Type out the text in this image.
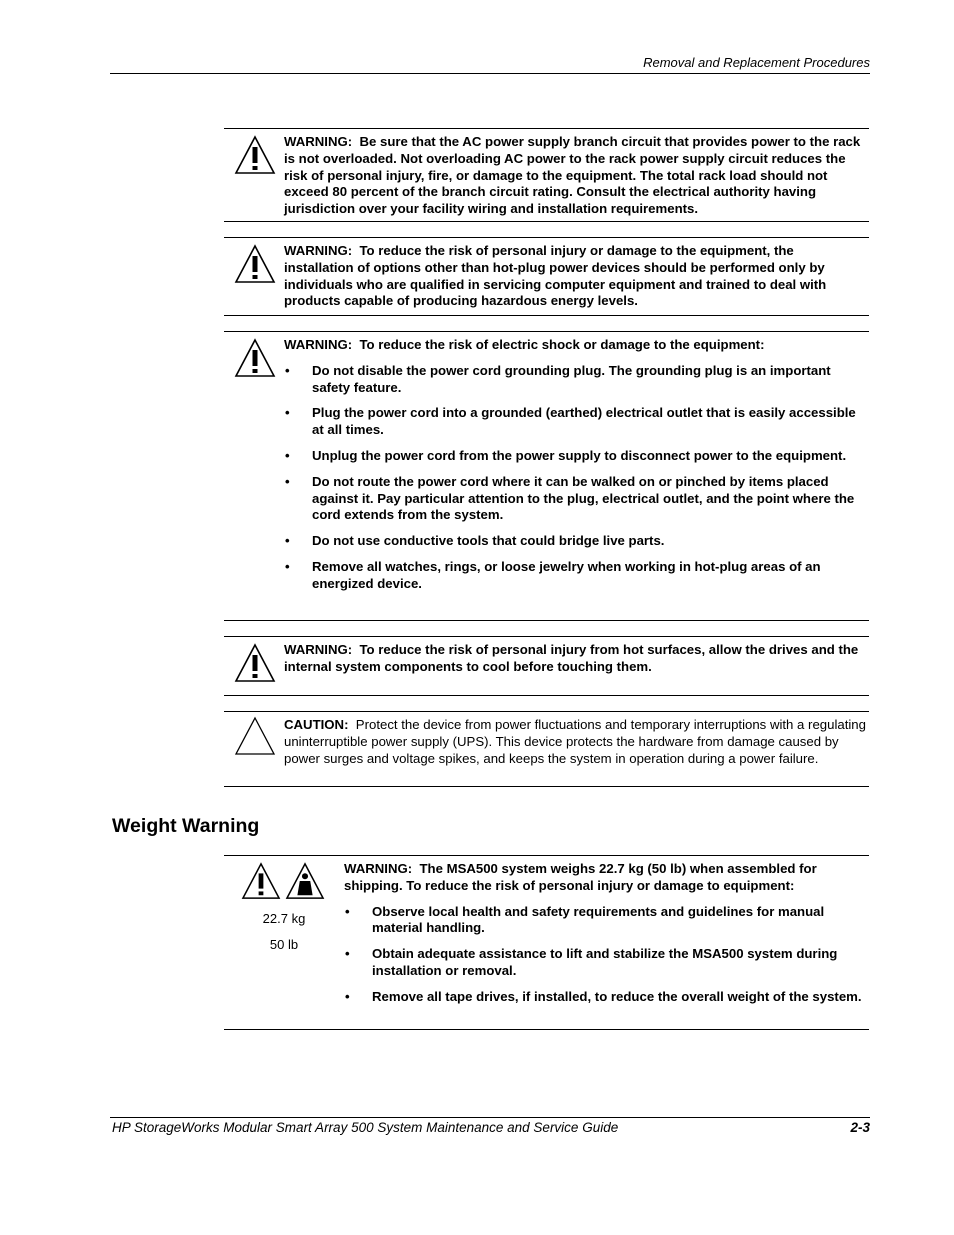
Removal and Replacement Procedures
WARNING: Be sure that the AC power supply branch circuit that provides power to the rack is not overloaded. Not overloading AC power to the rack power supply circuit reduces the risk of personal injury, fire, or damage to the equipment. The total rack load should not exceed 80 percent of the branch circuit rating. Consult the electrical authority having jurisdiction over your facility wiring and installation requirements.
WARNING: To reduce the risk of personal injury or damage to the equipment, the installation of options other than hot-plug power devices should be performed only by individuals who are qualified in servicing computer equipment and trained to deal with products capable of producing hazardous energy levels.
WARNING: To reduce the risk of electric shock or damage to the equipment:
• Do not disable the power cord grounding plug. The grounding plug is an important safety feature.
• Plug the power cord into a grounded (earthed) electrical outlet that is easily accessible at all times.
• Unplug the power cord from the power supply to disconnect power to the equipment.
• Do not route the power cord where it can be walked on or pinched by items placed against it. Pay particular attention to the plug, electrical outlet, and the point where the cord extends from the system.
• Do not use conductive tools that could bridge live parts.
• Remove all watches, rings, or loose jewelry when working in hot-plug areas of an energized device.
WARNING: To reduce the risk of personal injury from hot surfaces, allow the drives and the internal system components to cool before touching them.
CAUTION: Protect the device from power fluctuations and temporary interruptions with a regulating uninterruptible power supply (UPS). This device protects the hardware from damage caused by power surges and voltage spikes, and keeps the system in operation during a power failure.
Weight Warning
22.7 kg
50 lb
WARNING: The MSA500 system weighs 22.7 kg (50 lb) when assembled for shipping. To reduce the risk of personal injury or damage to equipment:
• Observe local health and safety requirements and guidelines for manual material handling.
• Obtain adequate assistance to lift and stabilize the MSA500 system during installation or removal.
• Remove all tape drives, if installed, to reduce the overall weight of the system.
HP StorageWorks Modular Smart Array 500 System Maintenance and Service Guide	2-3
